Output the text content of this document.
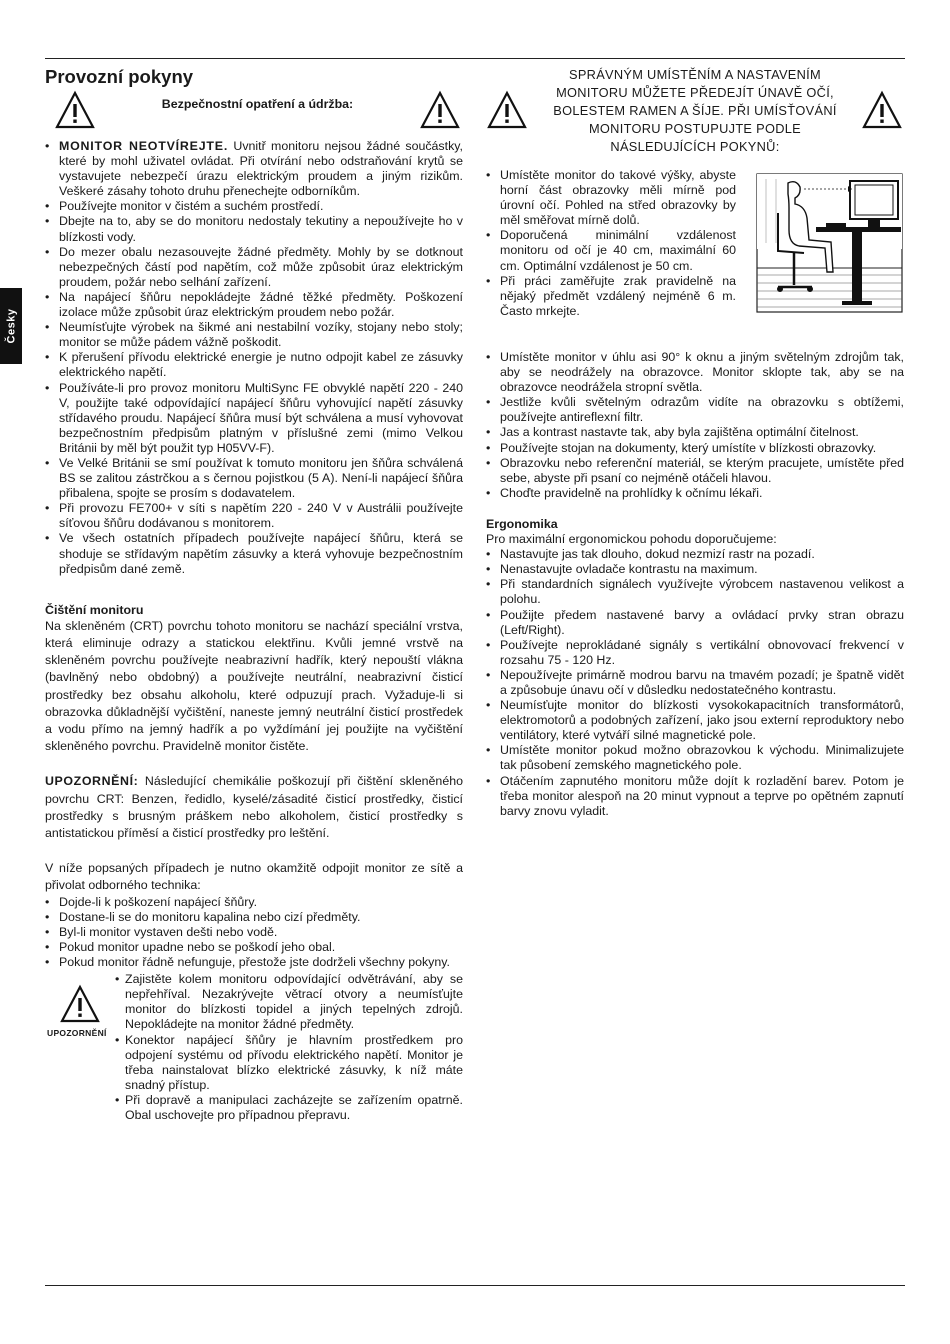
Česky
Provozní pokyny
Bezpečnostní opatření a údržba:
• MONITOR NEOTVÍREJTE. Uvnitř monitoru nejsou žádné součástky, které by mohl uživatel ovládat. Při otvírání nebo odstraňování krytů se vystavujete nebezpečí úrazu elektrickým proudem a jiným rizikům. Veškeré zásahy tohoto druhu přenechejte odborníkům.
• Používejte monitor v čistém a suchém prostředí.
• Dbejte na to, aby se do monitoru nedostaly tekutiny a nepoužívejte ho v blízkosti vody.
• Do mezer obalu nezasouvejte žádné předměty. Mohly by se dotknout nebezpečných částí pod napětím, což může způsobit úraz elektrickým proudem, požár nebo selhání zařízení.
• Na napájecí šňůru nepokládejte žádné těžké předměty. Poškození izolace může způsobit úraz elektrickým proudem nebo požár.
• Neumísťujte výrobek na šikmé ani nestabilní vozíky, stojany nebo stoly; monitor se může pádem vážně poškodit.
• K přerušení přívodu elektrické energie je nutno odpojit kabel ze zásuvky elektrického napětí.
• Používáte-li pro provoz monitoru MultiSync FE obvyklé napětí 220 - 240 V, použijte také odpovídající napájecí šňůru vyhovující napětí zásuvky střídavého proudu. Napájecí šňůra musí být schválena a musí vyhovovat bezpečnostním předpisům platným v příslušné zemi (mimo Velkou Británii by měl být použit typ H05VV-F).
• Ve Velké Británii se smí používat k tomuto monitoru jen šňůra schválená BS se zalitou zástrčkou a s černou pojistkou (5 A). Není-li napájecí šňůra přibalena, spojte se prosím s dodavatelem.
• Při provozu FE700+ v síti s napětím 220 - 240 V v Austrálii používejte síťovou šňůru dodávanou s monitorem.
• Ve všech ostatních případech používejte napájecí šňůru, která se shoduje se střídavým napětím zásuvky a která vyhovuje bezpečnostním předpisům dané země.

Čištění monitoru

Na skleněném (CRT) povrchu tohoto monitoru se nachází speciální vrstva, která eliminuje odrazy a statickou elektřinu. Kvůli jemné vrstvě na skleněném povrchu používejte neabrazivní hadřík, který nepouští vlákna (bavlněný nebo obdobný) a používejte neutrální, neabrazivní čisticí prostředky bez obsahu alkoholu, které odpuzují prach. Vyžaduje-li si obrazovka důkladnější vyčištění, naneste jemný neutrální čisticí prostředek a vodu přímo na jemný hadřík a po vyždímání jej použijte na vyčištění skleněného povrchu. Pravidelně monitor čistěte.

UPOZORNĚNÍ: Následující chemikálie poškozují při čištění skleněného povrchu CRT: Benzen, ředidlo, kyselé/zásadité čisticí prostředky, čisticí prostředky s brusným práškem nebo alkoholem, čisticí prostředky s antistatickou příměsí a čisticí prostředky pro leštění.

V níže popsaných případech je nutno okamžitě odpojit monitor ze sítě a přivolat odborného technika:

• Dojde-li k poškození napájecí šňůry.
• Dostane-li se do monitoru kapalina nebo cizí předměty.
• Byl-li monitor vystaven dešti nebo vodě.
• Pokud monitor upadne nebo se poškodí jeho obal.
• Pokud monitor řádně nefunguje, přestože jste dodrželi všechny pokyny.
UPOZORNĚNÍ
• Zajistěte kolem monitoru odpovídající odvětrávání, aby se nepřehříval. Nezakrývejte větrací otvory a neumísťujte monitor do blízkosti topidel a jiných tepelných zdrojů. Nepokládejte na monitor žádné předměty.
• Konektor napájecí šňůry je hlavním prostředkem pro odpojení systému od přívodu elektrického napětí. Monitor je třeba nainstalovat blízko elektrické zásuvky, k níž máte snadný přístup.
• Při dopravě a manipulaci zacházejte se zařízením opatrně. Obal uschovejte pro případnou přepravu.
SPRÁVNÝM UMÍSTĚNÍM A NASTAVENÍM
MONITORU MŮŽETE PŘEDEJÍT ÚNAVĚ OČÍ,
BOLESTEM RAMEN A ŠÍJE. PŘI UMÍSŤOVÁNÍ
MONITORU POSTUPUJTE PODLE
NÁSLEDUJÍCÍCH POKYNŮ:
• Umístěte monitor do takové výšky, abyste horní část obrazovky měli mírně pod úrovní očí. Pohled na střed obrazovky by měl směřovat mírně dolů.
• Doporučená minimální vzdálenost monitoru od očí je 40 cm, maximální 60 cm. Optimální vzdálenost je 50 cm.
• Při práci zaměřujte zrak pravidelně na nějaký předmět vzdálený nejméně 6 m. Často mrkejte.
• Umístěte monitor v úhlu asi 90° k oknu a jiným světelným zdrojům tak, aby se neodrážely na obrazovce. Monitor sklopte tak, aby se na obrazovce neodrážela stropní světla.
• Jestliže kvůli světelným odrazům vidíte na obrazovku s obtížemi, používejte antireflexní filtr.
• Jas a kontrast nastavte tak, aby byla zajištěna optimální čitelnost.
• Používejte stojan na dokumenty, který umístíte v blízkosti obrazovky.
• Obrazovku nebo referenční materiál, se kterým pracujete, umístěte před sebe, abyste při psaní co nejméně otáčeli hlavou.
• Choďte pravidelně na prohlídky k očnímu lékaři.

Ergonomika

Pro maximální ergonomickou pohodu doporučujeme:

• Nastavujte jas tak dlouho, dokud nezmizí rastr na pozadí.
• Nenastavujte ovladače kontrastu na maximum.
• Při standardních signálech využívejte výrobcem nastavenou velikost a polohu.
• Použijte předem nastavené barvy a ovládací prvky stran obrazu (Left/Right).
• Používejte neprokládané signály s vertikální obnovovací frekvencí v rozsahu 75 - 120 Hz.
• Nepoužívejte primárně modrou barvu na tmavém pozadí; je špatně vidět a způsobuje únavu očí v důsledku nedostatečného kontrastu.
• Neumísťujte monitor do blízkosti vysokokapacitních transformátorů, elektromotorů a podobných zařízení, jako jsou externí reproduktory nebo ventilátory, které vytváří silné magnetické pole.
• Umístěte monitor pokud možno obrazovkou k východu. Minimalizujete tak působení zemského magnetického pole.
• Otáčením zapnutého monitoru může dojít k rozladění barev. Potom je třeba monitor alespoň na 20 minut vypnout a teprve po opětném zapnutí barvy znovu vyladit.
